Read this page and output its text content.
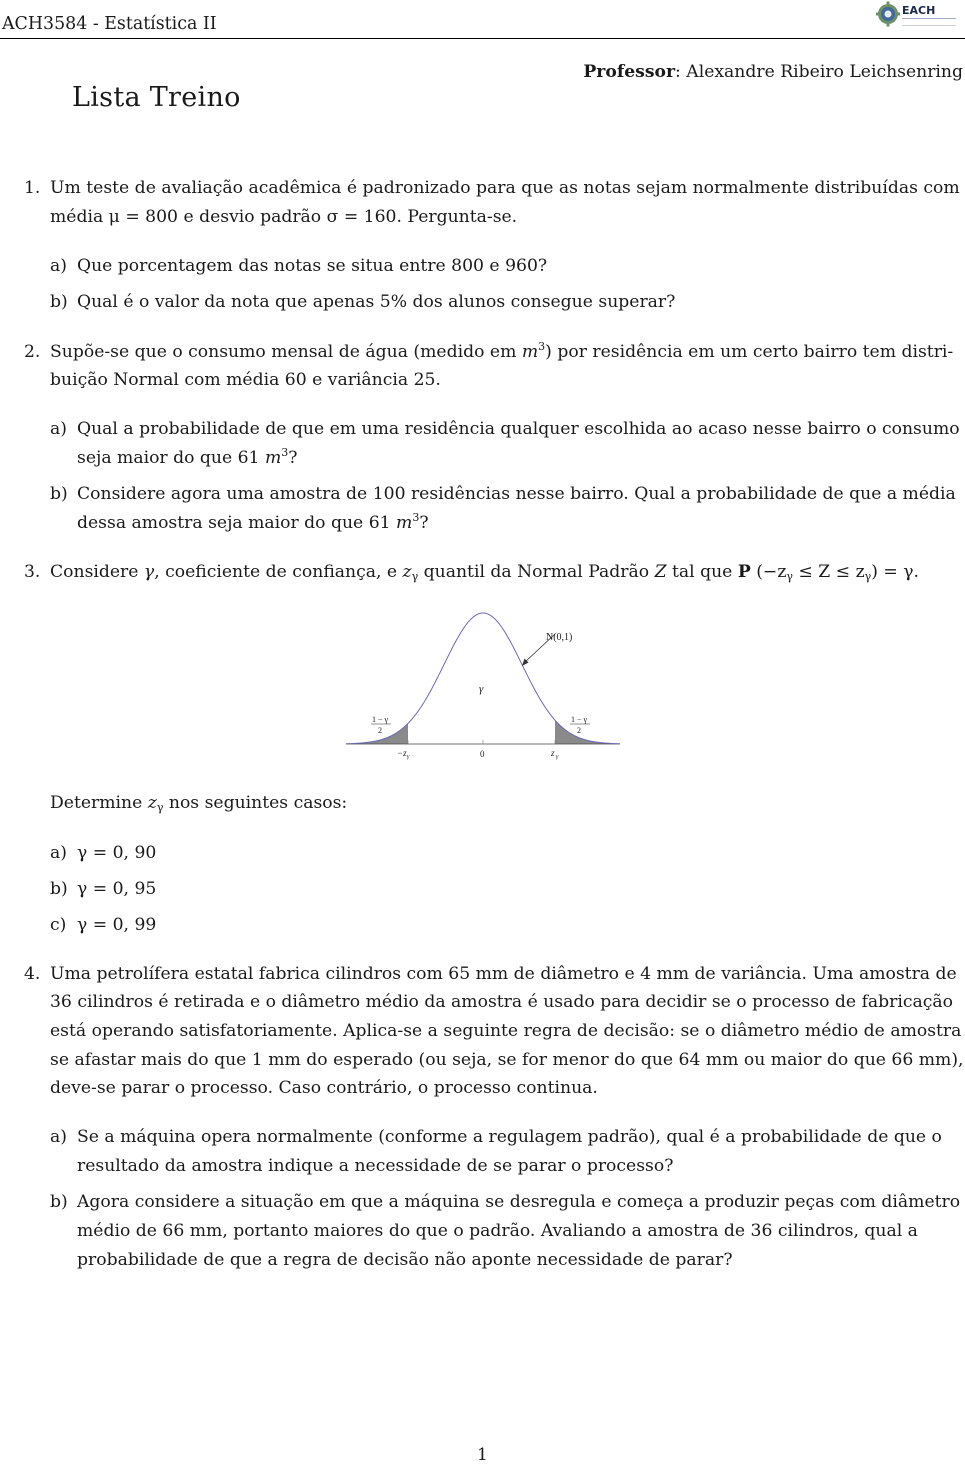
ACH3584 - Estatística II
EACH
Professor: Alexandre Ribeiro Leichsenring
Lista Treino
1. Um teste de avaliação acadêmica é padronizado para que as notas sejam normalmente distribuídas com
média μ = 800 e desvio padrão σ = 160. Pergunta-se.
a) Que porcentagem das notas se situa entre 800 e 960?
b) Qual é o valor da nota que apenas 5% dos alunos consegue superar?
2. Supõe-se que o consumo mensal de água (medido em $m^3$) por residência em um certo bairro tem distri-
buição Normal com média 60 e variância 25.
a) Qual a probabilidade de que em uma residência qualquer escolhida ao acaso nesse bairro o consumo
seja maior do que 61 $m^3$?
b) Considere agora uma amostra de 100 residências nesse bairro. Qual a probabilidade de que a média
dessa amostra seja maior do que 61 $m^3$?
3. Considere γ, coeficiente de confiança, e $z_\gamma$ quantil da Normal Padrão Z tal que P $(-z_\gamma \le Z \le z_\gamma) = \gamma$.
N(0,1)
γ
1 − γ
2
1 − γ
2
−z γ	0	z γ
Determine $z_\gamma$ nos seguintes casos:
a) γ = 0, 90
b) γ = 0, 95
c) γ = 0, 99
4. Uma petrolífera estatal fabrica cilindros com 65 mm de diâmetro e 4 mm de variância. Uma amostra de
36 cilindros é retirada e o diâmetro médio da amostra é usado para decidir se o processo de fabricação
está operando satisfatoriamente. Aplica-se a seguinte regra de decisão: se o diâmetro médio de amostra
se afastar mais do que 1 mm do esperado (ou seja, se for menor do que 64 mm ou maior do que 66 mm),
deve-se parar o processo. Caso contrário, o processo continua.
a) Se a máquina opera normalmente (conforme a regulagem padrão), qual é a probabilidade de que o
resultado da amostra indique a necessidade de se parar o processo?
b) Agora considere a situação em que a máquina se desregula e começa a produzir peças com diâmetro
médio de 66 mm, portanto maiores do que o padrão. Avaliando a amostra de 36 cilindros, qual a
probabilidade de que a regra de decisão não aponte necessidade de parar?
1
